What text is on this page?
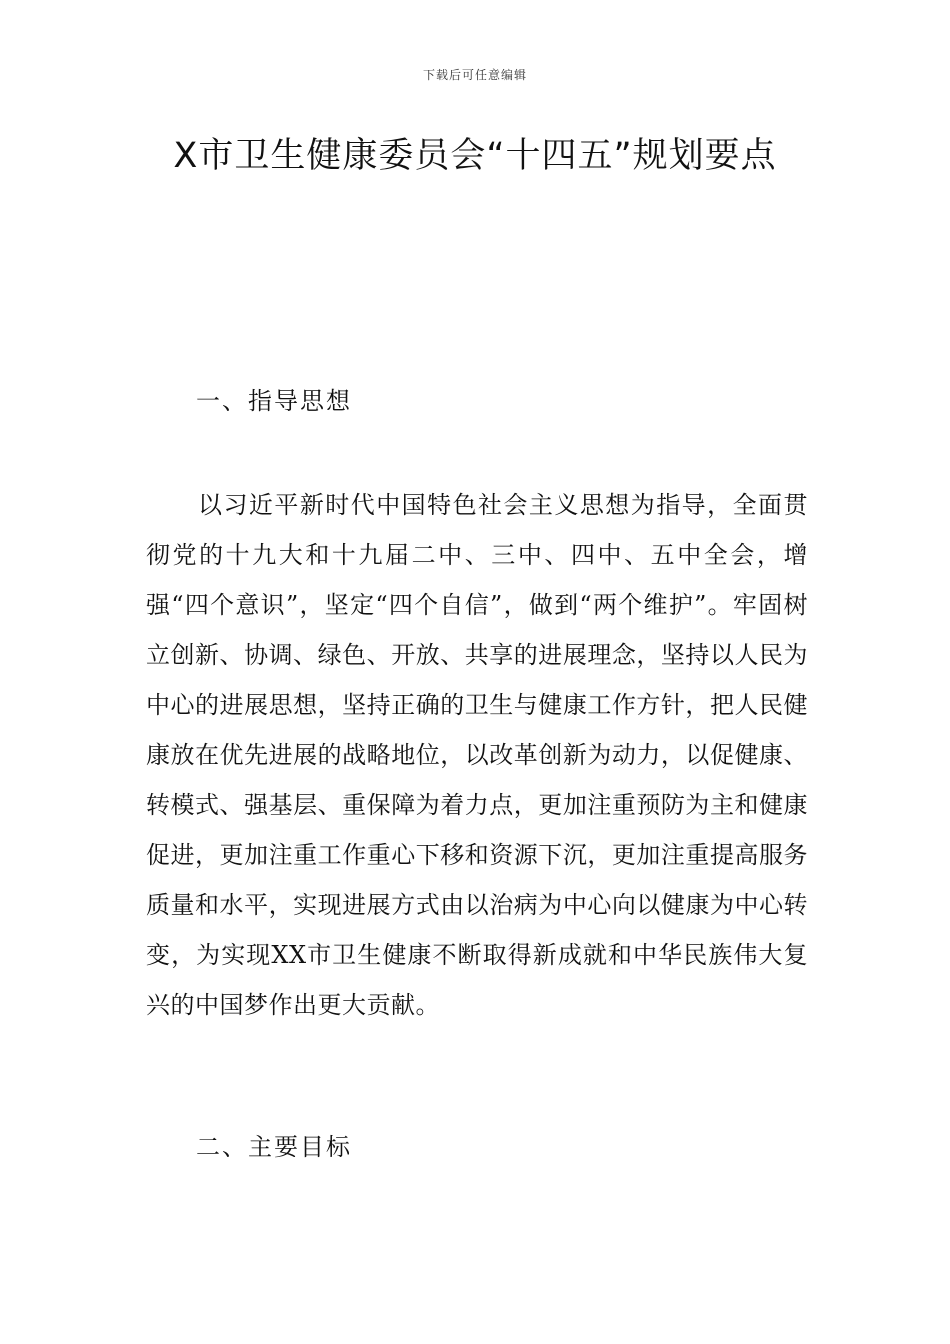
下载后可任意编辑
X市卫生健康委员会“十四五”规划要点
一、指导思想

以习近平新时代中国特色社会主义思想为指导，全面贯彻党的十九大和十九届二中、三中、四中、五中全会，增强“四个意识”，坚定“四个自信”，做到“两个维护”。牢固树立创新、协调、绿色、开放、共享的进展理念，坚持以人民为中心的进展思想，坚持正确的卫生与健康工作方针，把人民健康放在优先进展的战略地位，以改革创新为动力，以促健康、转模式、强基层、重保障为着力点，更加注重预防为主和健康促进，更加注重工作重心下移和资源下沉，更加注重提高服务质量和水平，实现进展方式由以治病为中心向以健康为中心转变，为实现XX市卫生健康不断取得新成就和中华民族伟大复兴的中国梦作出更大贡献。

二、主要目标
